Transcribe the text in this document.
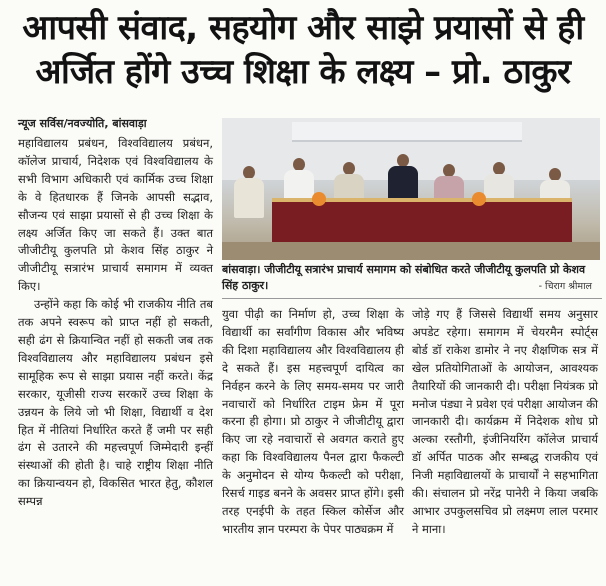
आपसी संवाद, सहयोग और साझे प्रयासों से ही
अर्जित होंगे उच्च शिक्षा के लक्ष्य – प्रो. ठाकुर
न्यूज सर्विस/नवज्योति, बांसवाड़ा

महाविद्यालय प्रबंधन, विश्वविद्यालय प्रबंधन, कॉलेज प्राचार्य, निदेशक एवं विश्वविद्यालय के सभी विभाग अधिकारी एवं कार्मिक उच्च शिक्षा के वे हितधारक हैं जिनके आपसी सद्भाव, सौजन्य एवं साझा प्रयासों से ही उच्च शिक्षा के लक्ष्य अर्जित किए जा सकते हैं। उक्त बात जीजीटीयू कुलपति प्रो केशव सिंह ठाकुर ने जीजीटीयू सत्रारंभ प्राचार्य समागम में व्यक्त किए।

उन्होंने कहा कि कोई भी राजकीय नीति तब तक अपने स्वरूप को प्राप्त नहीं हो सकती, सही ढंग से क्रियान्वित नहीं हो सकती जब तक विश्वविद्यालय और महाविद्यालय प्रबंधन इसे सामूहिक रूप से साझा प्रयास नहीं करते। केंद्र सरकार, यूजीसी राज्य सरकारें उच्च शिक्षा के उन्नयन के लिये जो भी शिक्षा, विद्यार्थी व देश हित में नीतियां निर्धारित करते हैं जमी पर सही ढंग से उतारने की महत्त्वपूर्ण जिम्मेदारी इन्हीं संस्थाओं की होती है। चाहे राष्ट्रीय शिक्षा नीति का क्रियान्वयन हो, विकसित भारत हेतु, कौशल सम्पन्न

बांसवाड़ा। जीजीटीयू सत्रारंभ प्राचार्य समागम को संबोधित करते जीजीटीयू कुलपति प्रो केशव सिंह ठाकुर।	- चिराग श्रीमाल

युवा पीढ़ी का निर्माण हो, उच्च शिक्षा के विद्यार्थी का सर्वांगीण विकास और भविष्य की दिशा महाविद्यालय और विश्वविद्यालय ही दे सकते हैं। इस महत्त्वपूर्ण दायित्व का निर्वहन करने के लिए समय-समय पर जारी नवाचारों को निर्धारित टाइम फ्रेम में पूरा करना ही होगा। प्रो ठाकुर ने जीजीटीयू द्वारा किए जा रहे नवाचारों से अवगत कराते हुए कहा कि विश्वविद्यालय पैनल द्वारा फैकल्टी के अनुमोदन से योग्य फैकल्टी को परीक्षा, रिसर्च गाइड बनने के अवसर प्राप्त होंगे। इसी तरह एनईपी के तहत स्किल कोर्सेज और भारतीय ज्ञान परम्परा के पेपर पाठ्यक्रम में

जोड़े गए हैं जिससे विद्यार्थी समय अनुसार अपडेट रहेगा। समागम में चेयरमैन स्पोर्ट्स बोर्ड डॉ राकेश डामोर ने नए शैक्षणिक सत्र में खेल प्रतियोगिताओं के आयोजन, आवश्यक तैयारियों की जानकारी दी। परीक्षा नियंत्रक प्रो मनोज पंड्या ने प्रवेश एवं परीक्षा आयोजन की जानकारी दी। कार्यक्रम में निदेशक शोध प्रो अल्का रस्तौगी, इंजीनियरिंग कॉलेज प्राचार्य डॉ अर्पित पाठक और सम्बद्ध राजकीय एवं निजी महाविद्यालयों के प्राचार्यों ने सहभागिता की। संचालन प्रो नरेंद्र पानेरी ने किया जबकि आभार उपकुलसचिव प्रो लक्ष्मण लाल परमार ने माना।
